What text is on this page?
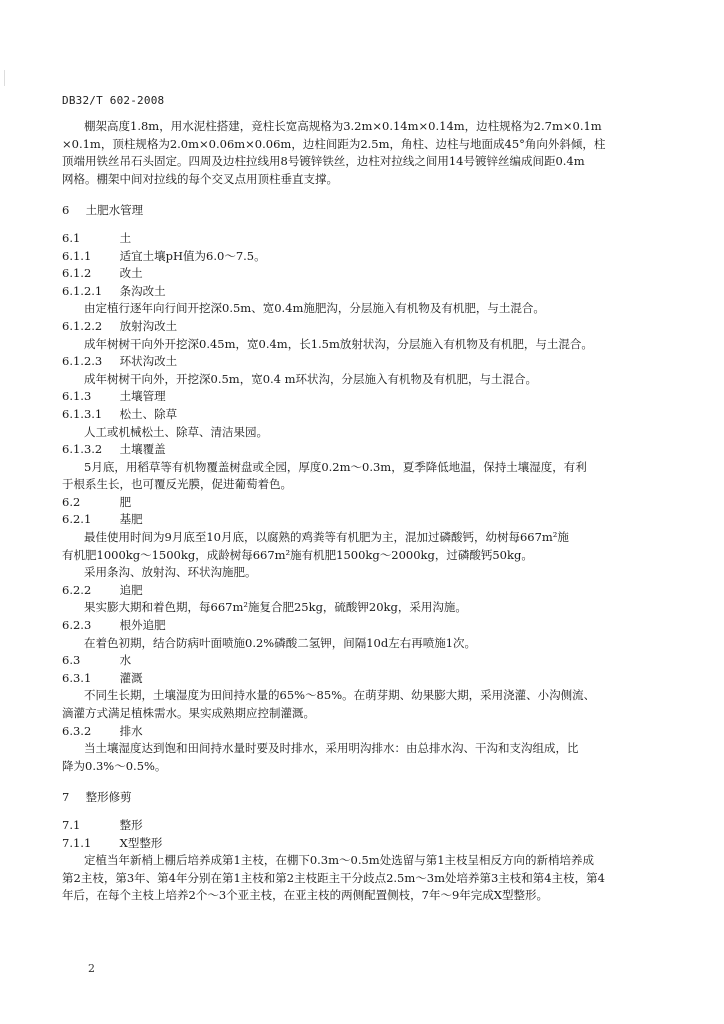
DB32/T 602-2008
棚架高度1.8m，用水泥柱搭建，竞柱长宽高规格为3.2m×0.14m×0.14m，边柱规格为2.7m×0.1m
×0.1m，顶柱规格为2.0m×0.06m×0.06m，边柱间距为2.5m，角柱、边柱与地面成45°角向外斜倾，柱
顶端用铁丝吊石头固定。四周及边柱拉线用8号镀锌铁丝，边柱对拉线之间用14号镀锌丝编成间距0.4m
网格。棚架中间对拉线的每个交叉点用顶柱垂直支撑。
6 土肥水管理
6.1	土
6.1.1 适宜土壤pH值为6.0～7.5。
6.1.2 改土
6.1.2.1 条沟改土
由定植行逐年向行间开挖深0.5m、宽0.4m施肥沟，分层施入有机物及有机肥，与土混合。
6.1.2.2 放射沟改土
成年树树干向外开挖深0.45m，宽0.4m，长1.5m放射状沟，分层施入有机物及有机肥，与土混合。
6.1.2.3 环状沟改土
成年树树干向外，开挖深0.5m，宽0.4 m环状沟，分层施入有机物及有机肥，与土混合。
6.1.3 土壤管理
6.1.3.1 松土、除草
人工或机械松土、除草、清洁果园。
6.1.3.2 土壤覆盖
5月底，用稻草等有机物覆盖树盘或全园，厚度0.2m～0.3m，夏季降低地温，保持土壤湿度，有利
于根系生长，也可覆反光膜，促进葡萄着色。
6.2	肥
6.2.1 基肥
最佳使用时间为9月底至10月底，以腐熟的鸡粪等有机肥为主，混加过磷酸钙，幼树每667m²施
有机肥1000kg～1500kg，成龄树每667m²施有机肥1500kg～2000kg，过磷酸钙50kg。
采用条沟、放射沟、环状沟施肥。
6.2.2 追肥
果实膨大期和着色期，每667m²施复合肥25kg，硫酸钾20kg，采用沟施。
6.2.3 根外追肥
在着色初期，结合防病叶面喷施0.2%磷酸二氢钾，间隔10d左右再喷施1次。
6.3	水
6.3.1 灌溉
不同生长期，土壤湿度为田间持水量的65%～85%。在萌芽期、幼果膨大期，采用浇灌、小沟侧流、
滴灌方式满足植株需水。果实成熟期应控制灌溉。
6.3.2 排水
当土壤湿度达到饱和田间持水量时要及时排水，采用明沟排水：由总排水沟、干沟和支沟组成，比
降为0.3%～0.5%。
7 整形修剪
7.1	整形
7.1.1 X型整形
定植当年新梢上棚后培养成第1主枝，在棚下0.3m～0.5m处选留与第1主枝呈相反方向的新梢培养成
第2主枝，第3年、第4年分别在第1主枝和第2主枝距主干分歧点2.5m～3m处培养第3主枝和第4主枝，第4
年后，在每个主枝上培养2个～3个亚主枝，在亚主枝的两侧配置侧枝，7年～9年完成X型整形。
2
